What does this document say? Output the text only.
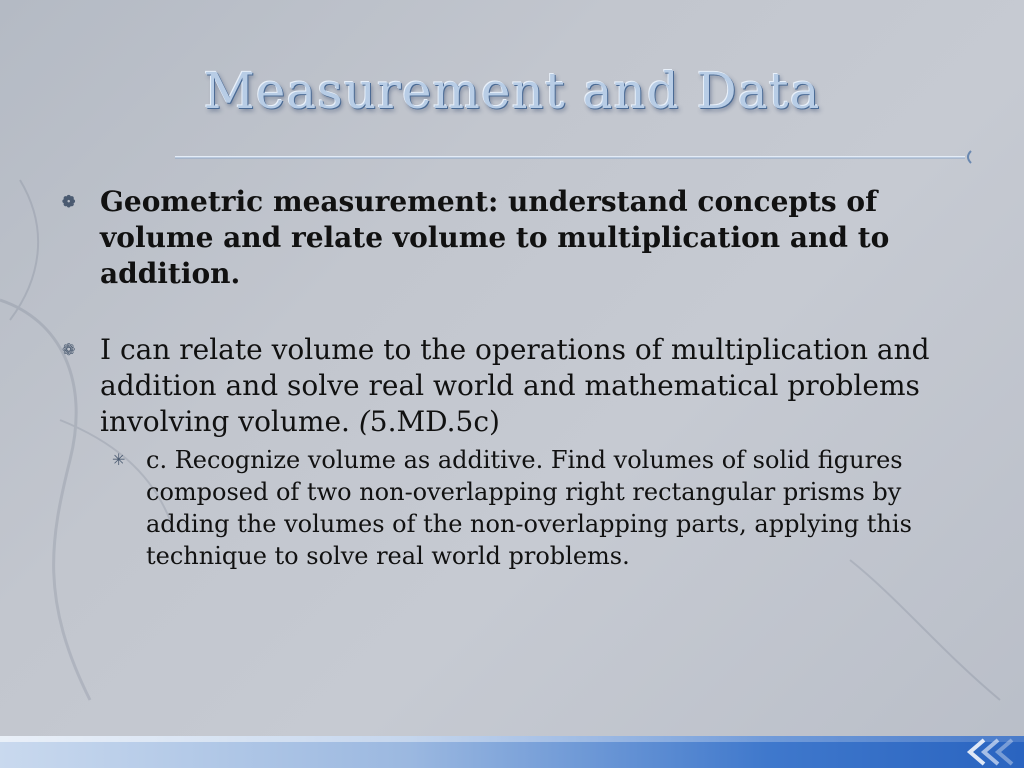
Measurement and Data
❁ Geometric measurement: understand concepts of volume and relate volume to multiplication and to addition.
❁ I can relate volume to the operations of multiplication and addition and solve real world and mathematical problems involving volume. (5.MD.5c)
✳ c. Recognize volume as additive. Find volumes of solid figures composed of two non-overlapping right rectangular prisms by adding the volumes of the non-overlapping parts, applying this technique to solve real world problems.
